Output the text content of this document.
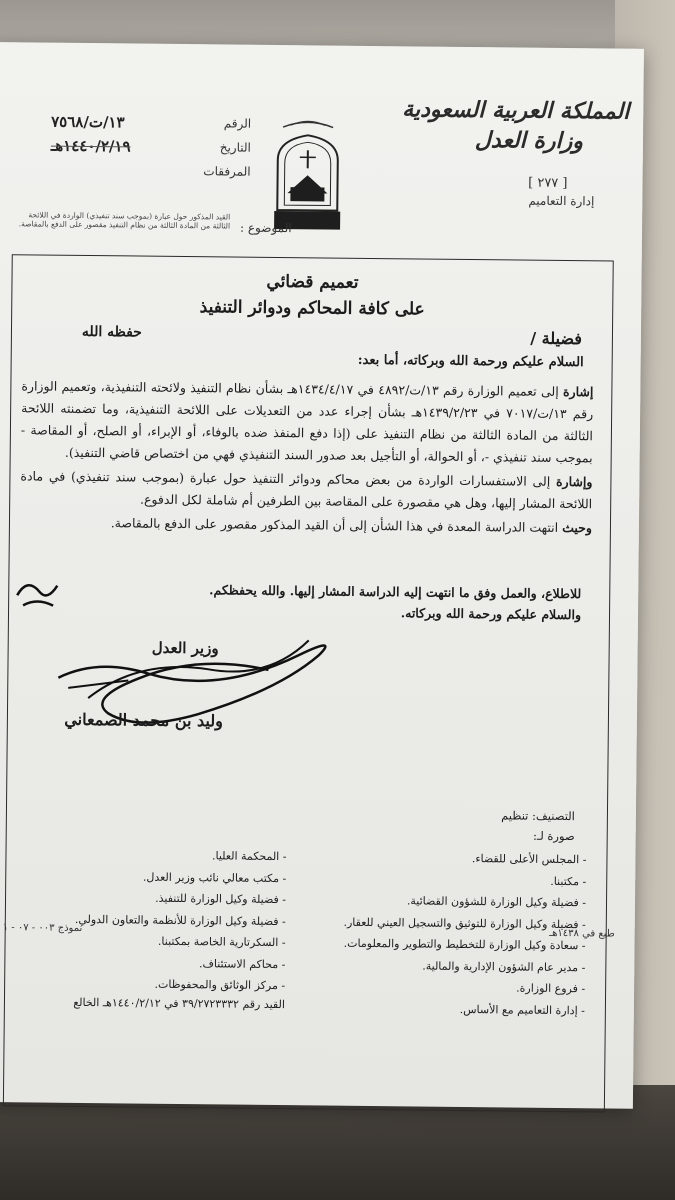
المملكة العربية السعودية
وزارة العدل
[ ٢٧٧ ]
إدارة التعاميم
الرقم
١٣/ت/٧٥٦٨
التاريخ
١٤٤٠/٢/١٩هـ
المرفقات
الموضوع :
القيد المذكور حول عبارة (بموجب سند تنفيذي) الواردة في اللائحة الثالثة من المادة الثالثة من نظام التنفيذ مقصور على الدفع بالمقاصة.
تعميم قضائي
على كافة المحاكم ودوائر التنفيذ
فضيلة /
حفظه الله
السلام عليكم ورحمة الله وبركاته، أما بعد:

إشارة إلى تعميم الوزارة رقم ١٣/ت/٤٨٩٢ في ١٤٣٤/٤/١٧هـ بشأن نظام التنفيذ ولائحته التنفيذية، وتعميم الوزارة رقم ١٣/ت/٧٠١٧ في ١٤٣٩/٢/٢٣هـ بشأن إجراء عدد من التعديلات على اللائحة التنفيذية، وما تضمنته اللائحة الثالثة من المادة الثالثة من نظام التنفيذ على (إذا دفع المنفذ ضده بالوفاء، أو الإبراء، أو الصلح، أو المقاصة - بموجب سند تنفيذي -، أو الحوالة، أو التأجيل بعد صدور السند التنفيذي فهي من اختصاص قاضي التنفيذ).

وإشارة إلى الاستفسارات الواردة من بعض محاكم ودوائر التنفيذ حول عبارة (بموجب سند تنفيذي) في مادة اللائحة المشار إليها، وهل هي مقصورة على المقاصة بين الطرفين أم شاملة لكل الدفوع.

وحيث انتهت الدراسة المعدة في هذا الشأن إلى أن القيد المذكور مقصور على الدفع بالمقاصة.

للاطلاع، والعمل وفق ما انتهت إليه الدراسة المشار إليها. والله يحفظكم.
والسلام عليكم ورحمة الله وبركاته.
وزير العدل
وليد بن محمد الصمعاني
التصنيف: تنظيم
صورة لـ:
- المجلس الأعلى للقضاء.
- مكتبنا.
- فضيلة وكيل الوزارة للشؤون القضائية.
- فضيلة وكيل الوزارة للتوثيق والتسجيل العيني للعقار.
- سعادة وكيل الوزارة للتخطيط والتطوير والمعلومات.
- مدير عام الشؤون الإدارية والمالية.
- فروع الوزارة.
- إدارة التعاميم مع الأساس.
- المحكمة العليا.
- مكتب معالي نائب وزير العدل.
- فضيلة وكيل الوزارة للتنفيذ.
- فضيلة وكيل الوزارة للأنظمة والتعاون الدولي.
- السكرتارية الخاصة بمكتبنا.
- محاكم الاستئناف.
- مركز الوثائق والمحفوظات.
القيد رقم ٣٩/٢٧٢٣٣٣٢ في ١٤٤٠/٢/١٢هـ الخالع
طبع في ١٤٣٨هـ
نموذج ٠٠٣ - ٠٧ - ١
